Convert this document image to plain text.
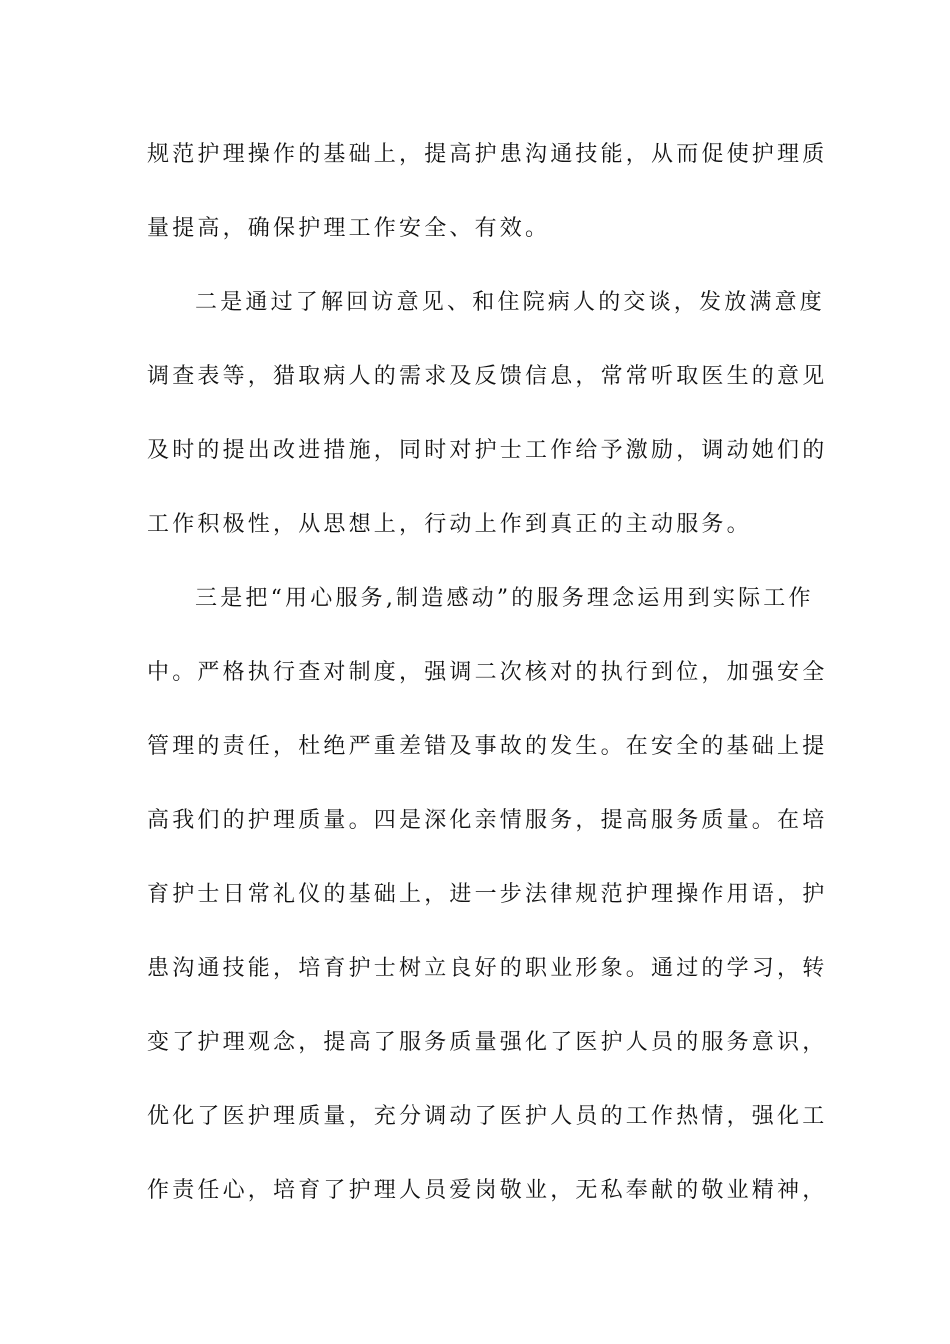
规范护理操作的基础上，提高护患沟通技能，从而促使护理质
量提高，确保护理工作安全、有效。
二是通过了解回访意见、和住院病人的交谈，发放满意度
调查表等，猎取病人的需求及反馈信息，常常听取医生的意见
及时的提出改进措施，同时对护士工作给予激励，调动她们的
工作积极性，从思想上，行动上作到真正的主动服务。
三是把“用心服务,制造感动”的服务理念运用到实际工作
中。严格执行查对制度，强调二次核对的执行到位，加强安全
管理的责任，杜绝严重差错及事故的发生。在安全的基础上提
高我们的护理质量。四是深化亲情服务，提高服务质量。在培
育护士日常礼仪的基础上，进一步法律规范护理操作用语，护
患沟通技能，培育护士树立良好的职业形象。通过的学习，转
变了护理观念，提高了服务质量强化了医护人员的服务意识，
优化了医护理质量，充分调动了医护人员的工作热情，强化工
作责任心，培育了护理人员爱岗敬业，无私奉献的敬业精神，
